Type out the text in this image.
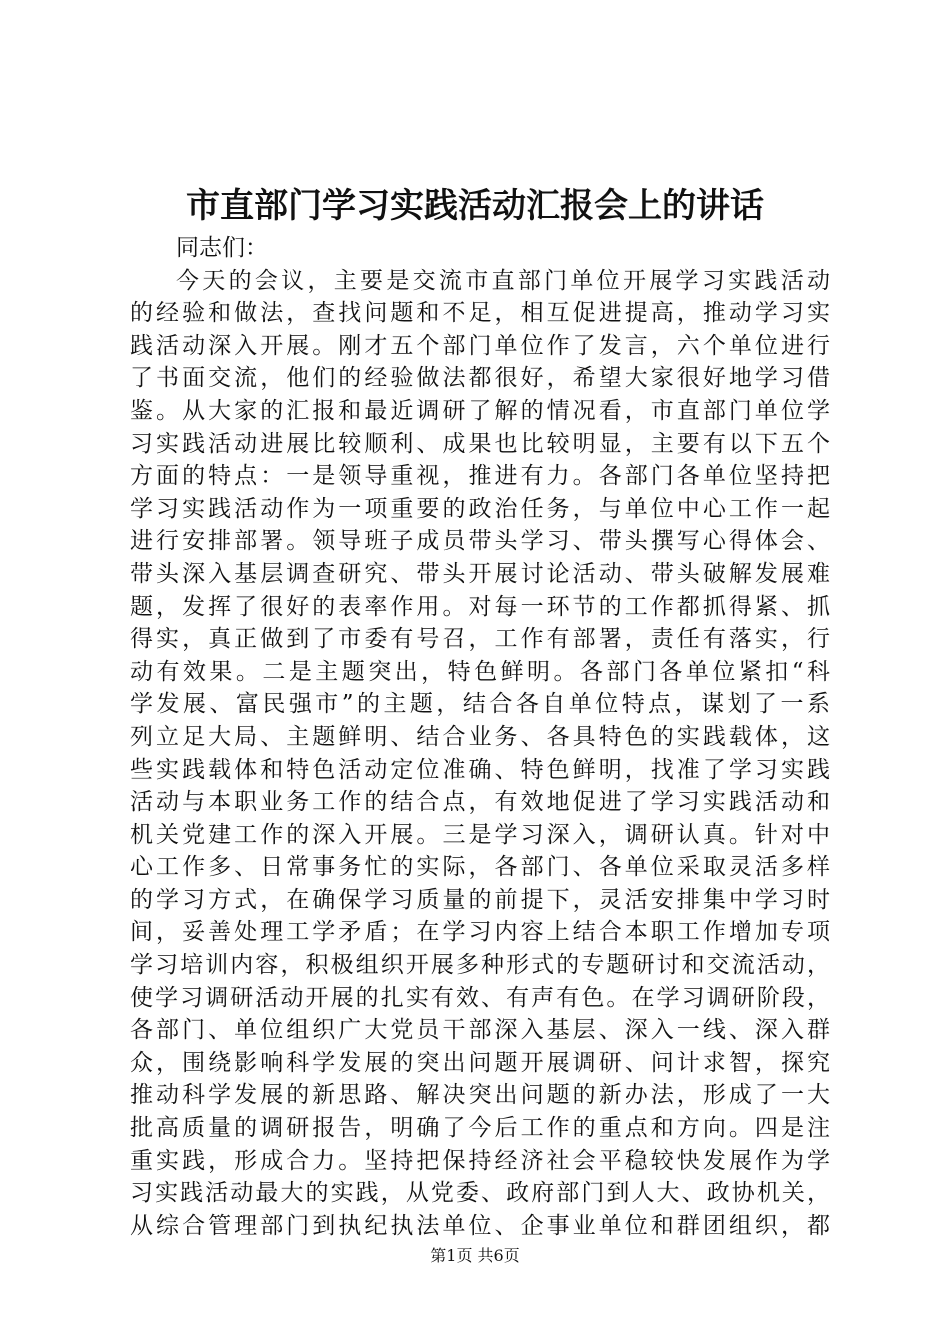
市直部门学习实践活动汇报会上的讲话
同志们：
今天的会议，主要是交流市直部门单位开展学习实践活动
的经验和做法，查找问题和不足，相互促进提高，推动学习实
践活动深入开展。刚才五个部门单位作了发言，六个单位进行
了书面交流，他们的经验做法都很好，希望大家很好地学习借
鉴。从大家的汇报和最近调研了解的情况看，市直部门单位学
习实践活动进展比较顺利、成果也比较明显，主要有以下五个
方面的特点：一是领导重视，推进有力。各部门各单位坚持把
学习实践活动作为一项重要的政治任务，与单位中心工作一起
进行安排部署。领导班子成员带头学习、带头撰写心得体会、
带头深入基层调查研究、带头开展讨论活动、带头破解发展难
题，发挥了很好的表率作用。对每一环节的工作都抓得紧、抓
得实，真正做到了市委有号召，工作有部署，责任有落实，行
动有效果。二是主题突出，特色鲜明。各部门各单位紧扣“科
学发展、富民强市”的主题，结合各自单位特点，谋划了一系
列立足大局、主题鲜明、结合业务、各具特色的实践载体，这
些实践载体和特色活动定位准确、特色鲜明，找准了学习实践
活动与本职业务工作的结合点，有效地促进了学习实践活动和
机关党建工作的深入开展。三是学习深入，调研认真。针对中
心工作多、日常事务忙的实际，各部门、各单位采取灵活多样
的学习方式，在确保学习质量的前提下，灵活安排集中学习时
间，妥善处理工学矛盾；在学习内容上结合本职工作增加专项
学习培训内容，积极组织开展多种形式的专题研讨和交流活动，
使学习调研活动开展的扎实有效、有声有色。在学习调研阶段，
各部门、单位组织广大党员干部深入基层、深入一线、深入群
众，围绕影响科学发展的突出问题开展调研、问计求智，探究
推动科学发展的新思路、解决突出问题的新办法，形成了一大
批高质量的调研报告，明确了今后工作的重点和方向。四是注
重实践，形成合力。坚持把保持经济社会平稳较快发展作为学
习实践活动最大的实践，从党委、政府部门到人大、政协机关，
从综合管理部门到执纪执法单位、企事业单位和群团组织，都
第1页 共6页
